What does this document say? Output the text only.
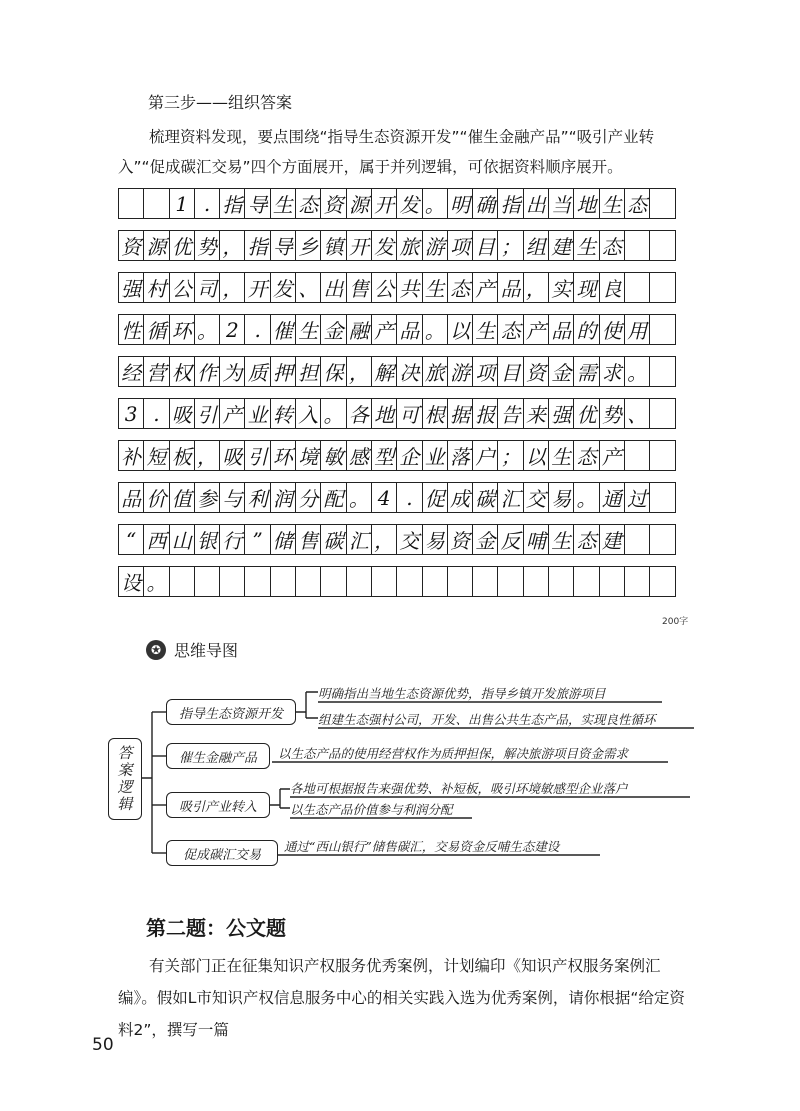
第三步——组织答案

梳理资料发现，要点围绕“指导生态资源开发”“催生金融产品”“吸引产业转入”“促成碳汇交易”四个方面展开，属于并列逻辑，可依据资料顺序展开。

1 . 指 导 生 态 资 源 开 发 。 明 确 指 出 当 地 生 态
资 源 优 势 ， 指 导 乡 镇 开 发 旅 游 项 目 ； 组 建 生 态
强 村 公 司 ， 开 发 、 出 售 公 共 生 态 产 品 ， 实 现 良
性 循 环 。 2 . 催 生 金 融 产 品 。 以 生 态 产 品 的 使 用
经 营 权 作 为 质 押 担 保 ， 解 决 旅 游 项 目 资 金 需 求 。
3 . 吸 引 产 业 转 入 。 各 地 可 根 据 报 告 来 强 优 势 、
补 短 板 ， 吸 引 环 境 敏 感 型 企 业 落 户 ； 以 生 态 产
品 价 值 参 与 利 润 分 配 。 4 . 促 成 碳 汇 交 易 。 通 过
“ 西 山 银 行 ” 储 售 碳 汇 ， 交 易 资 金 反 哺 生 态 建
设 。
200字
✪ 思维导图
答案逻辑
指导生态资源开发
催生金融产品
吸引产业转入
促成碳汇交易
明确指出当地生态资源优势，指导乡镇开发旅游项目
组建生态强村公司，开发、出售公共生态产品，实现良性循环
以生态产品的使用经营权作为质押担保，解决旅游项目资金需求
各地可根据报告来强优势、补短板，吸引环境敏感型企业落户
以生态产品价值参与利润分配
通过“西山银行”储售碳汇，交易资金反哺生态建设
第二题：公文题

有关部门正在征集知识产权服务优秀案例，计划编印《知识产权服务案例汇编》。假如L市知识产权信息服务中心的相关实践入选为优秀案例，请你根据“给定资料2”，撰写一篇

50
